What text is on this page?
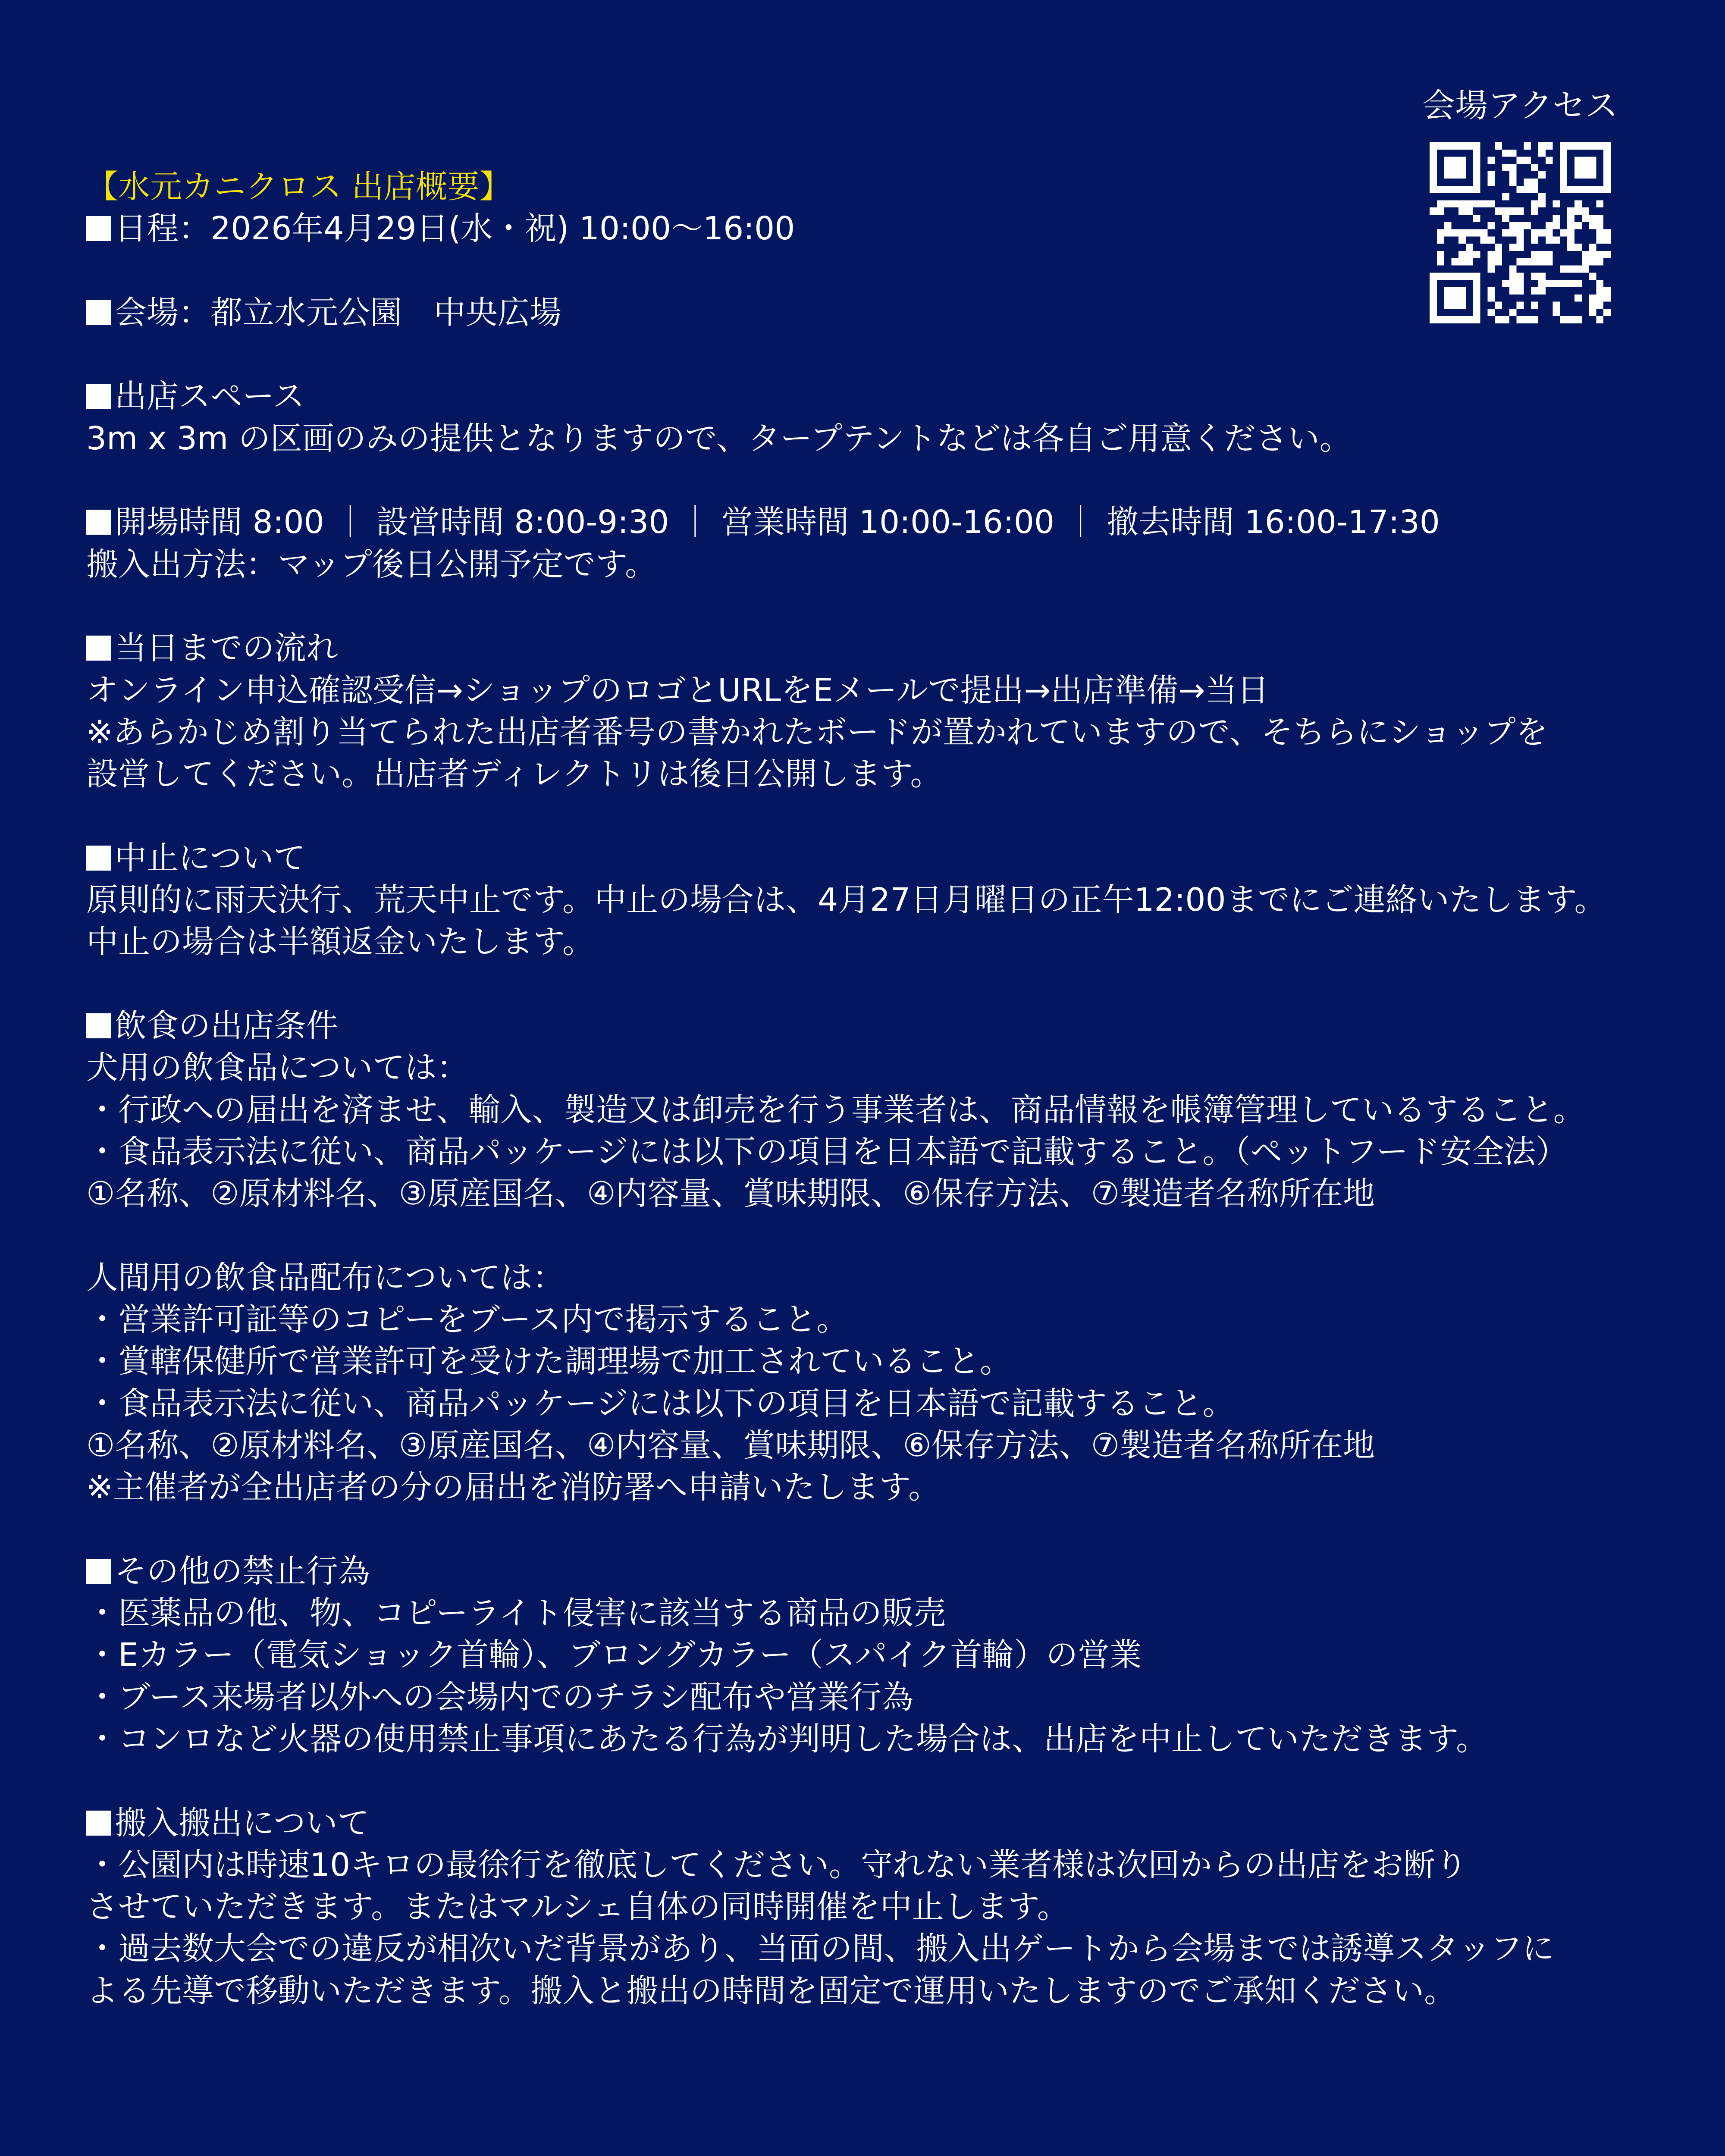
会場アクセス
【水元カニクロス 出店概要】
日程：2026年4月29日(水・祝) 10:00〜16:00
会場：都立水元公園　中央広場
出店スペース
3m x 3m の区画のみの提供となりますので、タープテントなどは各自ご用意ください。
開場時間 8:00 ｜ 設営時間 8:00-9:30 ｜ 営業時間 10:00-16:00 ｜ 撤去時間 16:00-17:30
搬入出方法：マップ後日公開予定です。
当日までの流れ
オンライン申込確認受信→ショップのロゴとURLをEメールで提出→出店準備→当日
※あらかじめ割り当てられた出店者番号の書かれたボードが置かれていますので、そちらにショップを
設営してください。出店者ディレクトリは後日公開します。
中止について
原則的に雨天決行、荒天中止です。中止の場合は、4月27日月曜日の正午12:00までにご連絡いたします。
中止の場合は半額返金いたします。
飲食の出店条件
犬用の飲食品については：
・行政への届出を済ませ、輸入、製造又は卸売を行う事業者は、商品情報を帳簿管理しているすること。
・食品表示法に従い、商品パッケージには以下の項目を日本語で記載すること。（ペットフード安全法）
①名称、②原材料名、③原産国名、④内容量、賞味期限、⑥保存方法、⑦製造者名称所在地
人間用の飲食品配布については：
・営業許可証等のコピーをブース内で掲示すること。
・賞轄保健所で営業許可を受けた調理場で加工されていること。
・食品表示法に従い、商品パッケージには以下の項目を日本語で記載すること。
①名称、②原材料名、③原産国名、④内容量、賞味期限、⑥保存方法、⑦製造者名称所在地
※主催者が全出店者の分の届出を消防署へ申請いたします。
その他の禁止行為
・医薬品の他、物、コピーライト侵害に該当する商品の販売
・Eカラー（電気ショック首輪）、ブロングカラー（スパイク首輪）の営業
・ブース来場者以外への会場内でのチラシ配布や営業行為
・コンロなど火器の使用禁止事項にあたる行為が判明した場合は、出店を中止していただきます。
搬入搬出について
・公園内は時速10キロの最徐行を徹底してください。守れない業者様は次回からの出店をお断り
させていただきます。またはマルシェ自体の同時開催を中止します。
・過去数大会での違反が相次いだ背景があり、当面の間、搬入出ゲートから会場までは誘導スタッフに
よる先導で移動いただきます。搬入と搬出の時間を固定で運用いたしますのでご承知ください。
